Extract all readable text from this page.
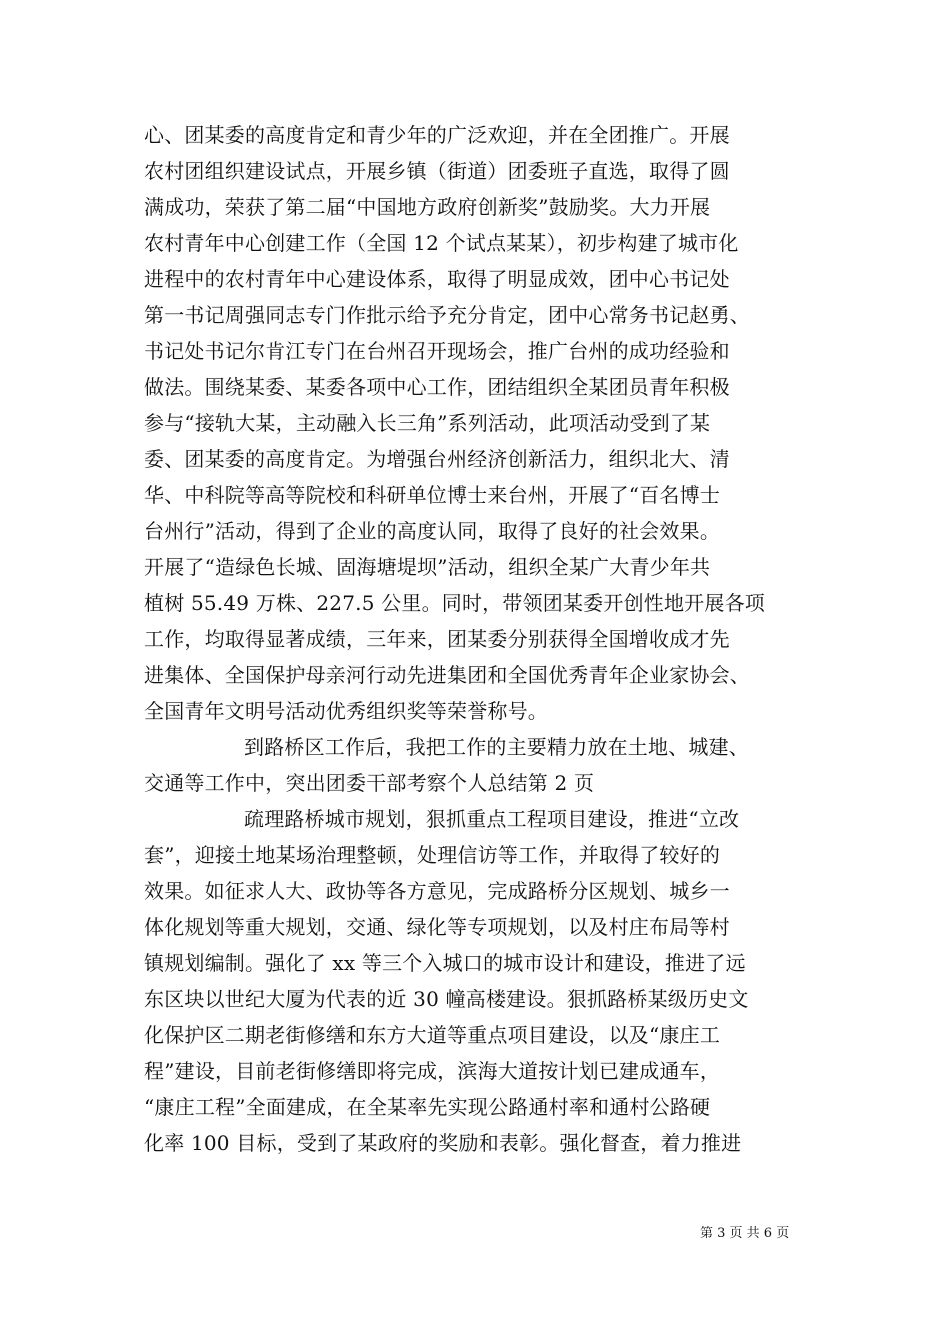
心、团某委的高度肯定和青少年的广泛欢迎，并在全团推广。开展
农村团组织建设试点，开展乡镇（街道）团委班子直选，取得了圆
满成功，荣获了第二届“中国地方政府创新奖”鼓励奖。大力开展
农村青年中心创建工作（全国 12 个试点某某），初步构建了城市化
进程中的农村青年中心建设体系，取得了明显成效，团中心书记处
第一书记周强同志专门作批示给予充分肯定，团中心常务书记赵勇、
书记处书记尔肯江专门在台州召开现场会，推广台州的成功经验和
做法。围绕某委、某委各项中心工作，团结组织全某团员青年积极
参与“接轨大某，主动融入长三角”系列活动，此项活动受到了某
委、团某委的高度肯定。为增强台州经济创新活力，组织北大、清
华、中科院等高等院校和科研单位博士来台州，开展了“百名博士
台州行”活动，得到了企业的高度认同，取得了良好的社会效果。
开展了“造绿色长城、固海塘堤坝”活动，组织全某广大青少年共
植树 55.49 万株、227.5 公里。同时，带领团某委开创性地开展各项
工作，均取得显著成绩，三年来，团某委分别获得全国增收成才先
进集体、全国保护母亲河行动先进集团和全国优秀青年企业家协会、
全国青年文明号活动优秀组织奖等荣誉称号。
到路桥区工作后，我把工作的主要精力放在土地、城建、
交通等工作中，突出团委干部考察个人总结第 2 页
疏理路桥城市规划，狠抓重点工程项目建设，推进“立改
套”，迎接土地某场治理整顿，处理信访等工作，并取得了较好的
效果。如征求人大、政协等各方意见，完成路桥分区规划、城乡一
体化规划等重大规划，交通、绿化等专项规划，以及村庄布局等村
镇规划编制。强化了 xx 等三个入城口的城市设计和建设，推进了远
东区块以世纪大厦为代表的近 30 幢高楼建设。狠抓路桥某级历史文
化保护区二期老街修缮和东方大道等重点项目建设，以及“康庄工
程”建设，目前老街修缮即将完成，滨海大道按计划已建成通车，
“康庄工程”全面建成，在全某率先实现公路通村率和通村公路硬
化率 100 目标，受到了某政府的奖励和表彰。强化督查，着力推进
第 3 页 共 6 页
